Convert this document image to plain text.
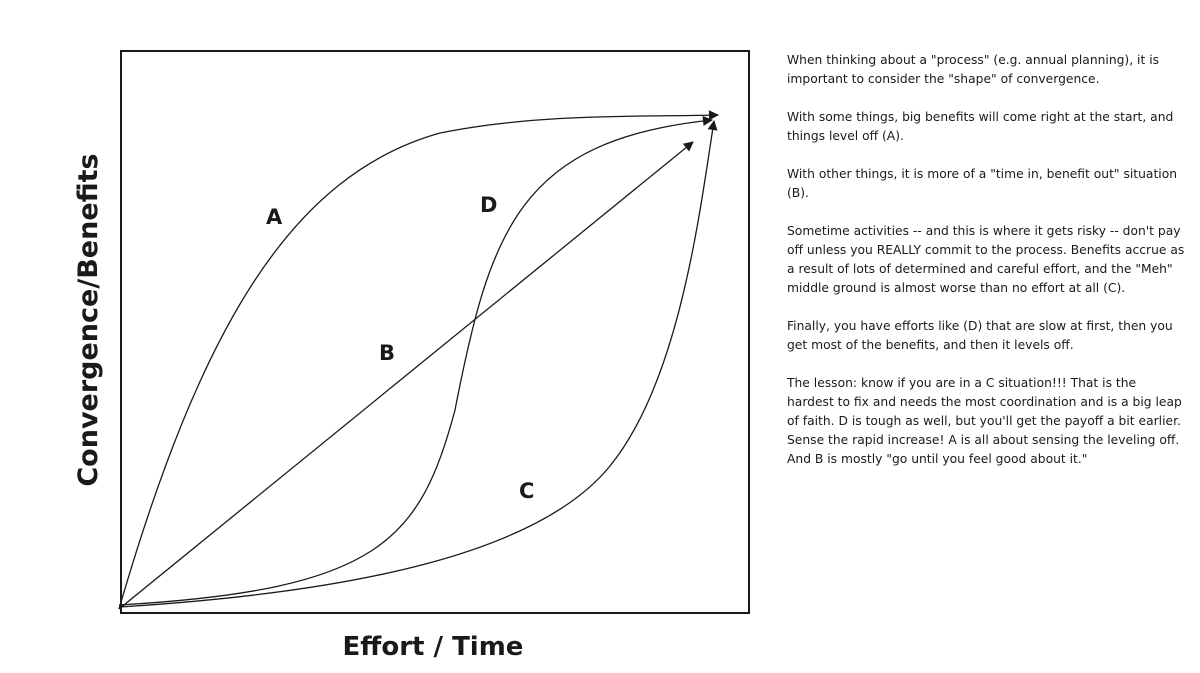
A
B
C
D
Effort / Time
Convergence/Benefits

When thinking about a "process" (e.g. annual planning), it is important to consider the "shape" of convergence.

With some things, big benefits will come right at the start, and things level off (A).

With other things, it is more of a "time in, benefit out" situation (B).

Sometime activities -- and this is where it gets risky -- don't pay off unless you REALLY commit to the process. Benefits accrue as a result of lots of determined and careful effort, and the "Meh" middle ground is almost worse than no effort at all (C).

Finally, you have efforts like (D) that are slow at first, then you get most of the benefits, and then it levels off.

The lesson: know if you are in a C situation!!! That is the hardest to fix and needs the most coordination and is a big leap of faith. D is tough as well, but you'll get the payoff a bit earlier. Sense the rapid increase! A is all about sensing the leveling off. And B is mostly "go until you feel good about it."
